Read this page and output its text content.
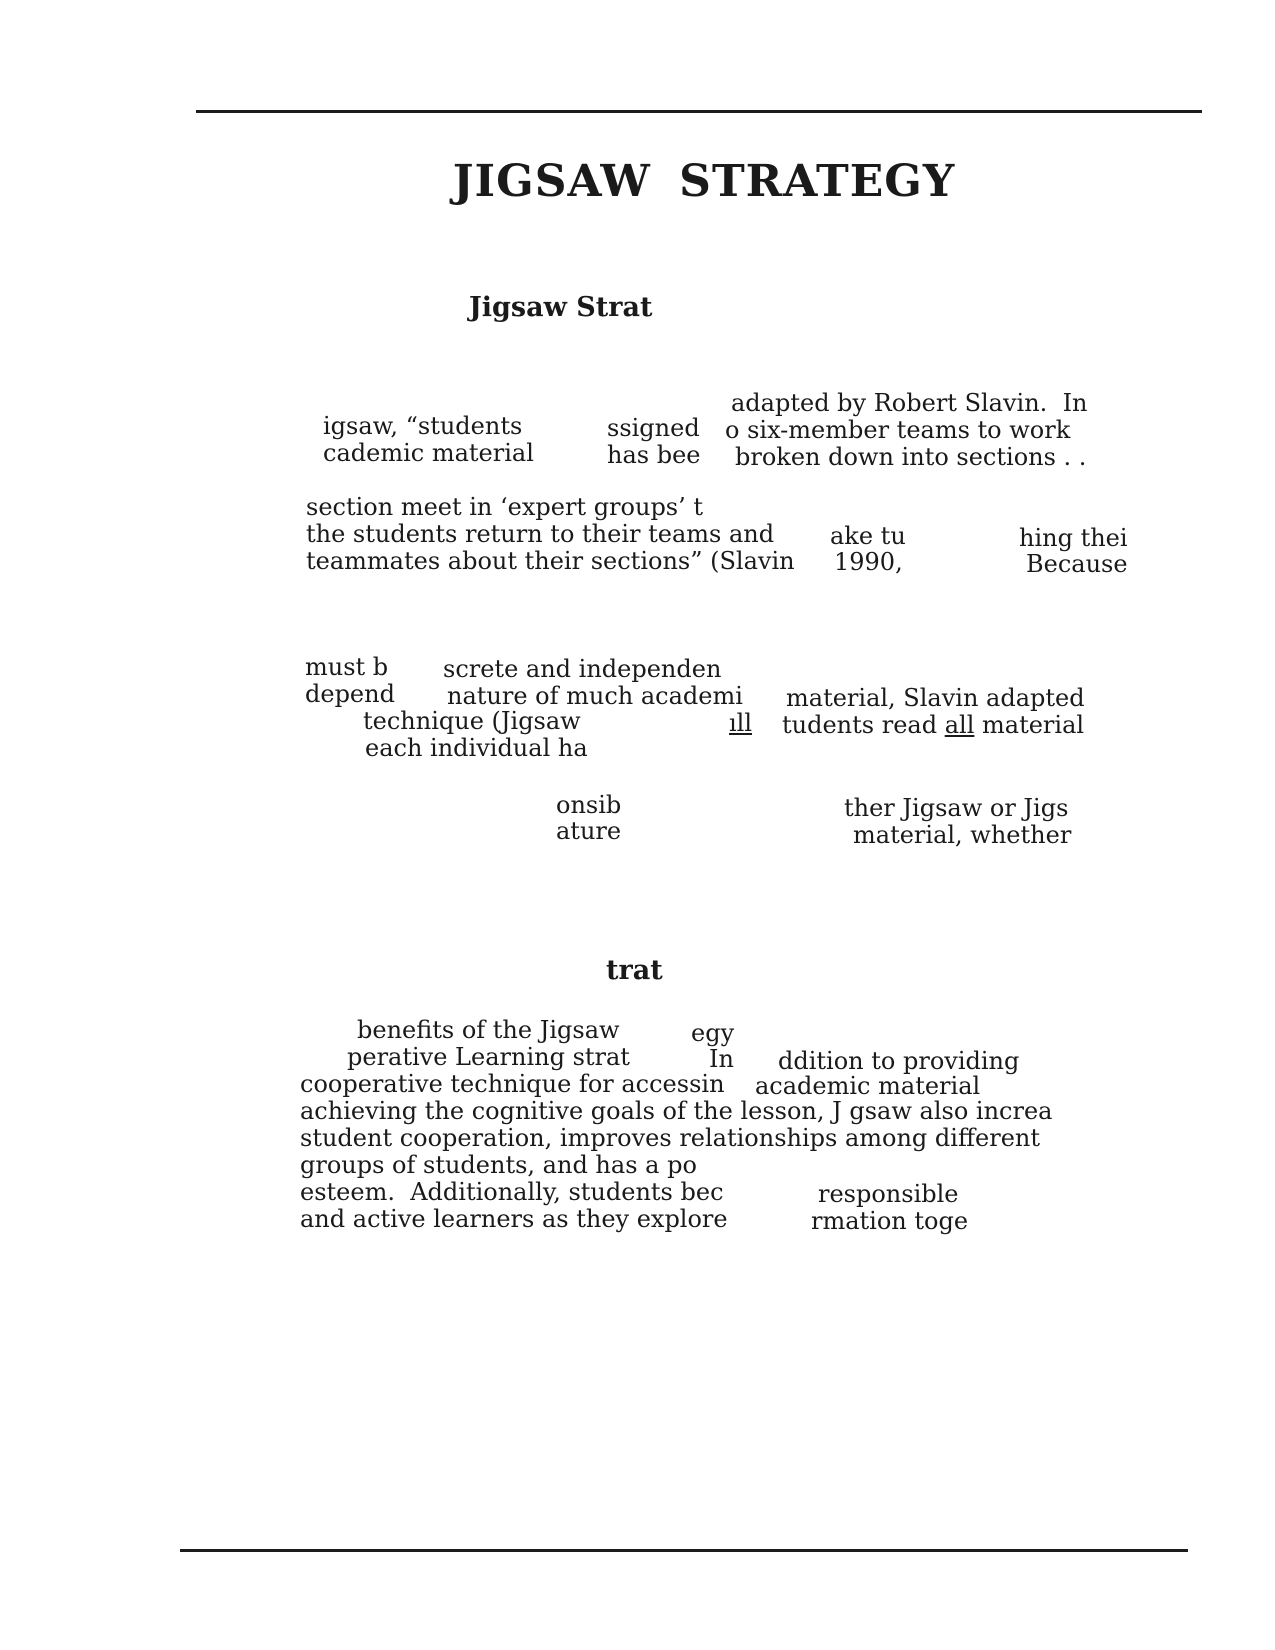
JIGSAW STRATEGY
Jigsaw Strat
adapted by Robert Slavin.  In
igsaw, “students	ssigned o six-member teams to work
cademic material	has bee broken down into sections . .
section meet in ‘expert groups’ t
the students return to their teams and ake tu	hing thei
teammates about their sections” (Slavin 1990,	Because
must b screte and independen
depend nature of much academi material, Slavin adapted
technique (Jigsaw	ıll tudents read all material
each individual ha
onsib	ther Jigsaw or Jigs
ature	material, whether
trat
benefits of the Jigsaw	egy
perative Learning strat	In ddition to providing
cooperative technique for accessin academic material
achieving the cognitive goals of the lesson, J gsaw also increa
student cooperation, improves relationships among different
groups of students, and has a po
esteem.  Additionally, students bec	responsible
and active learners as they explore	rmation toge
